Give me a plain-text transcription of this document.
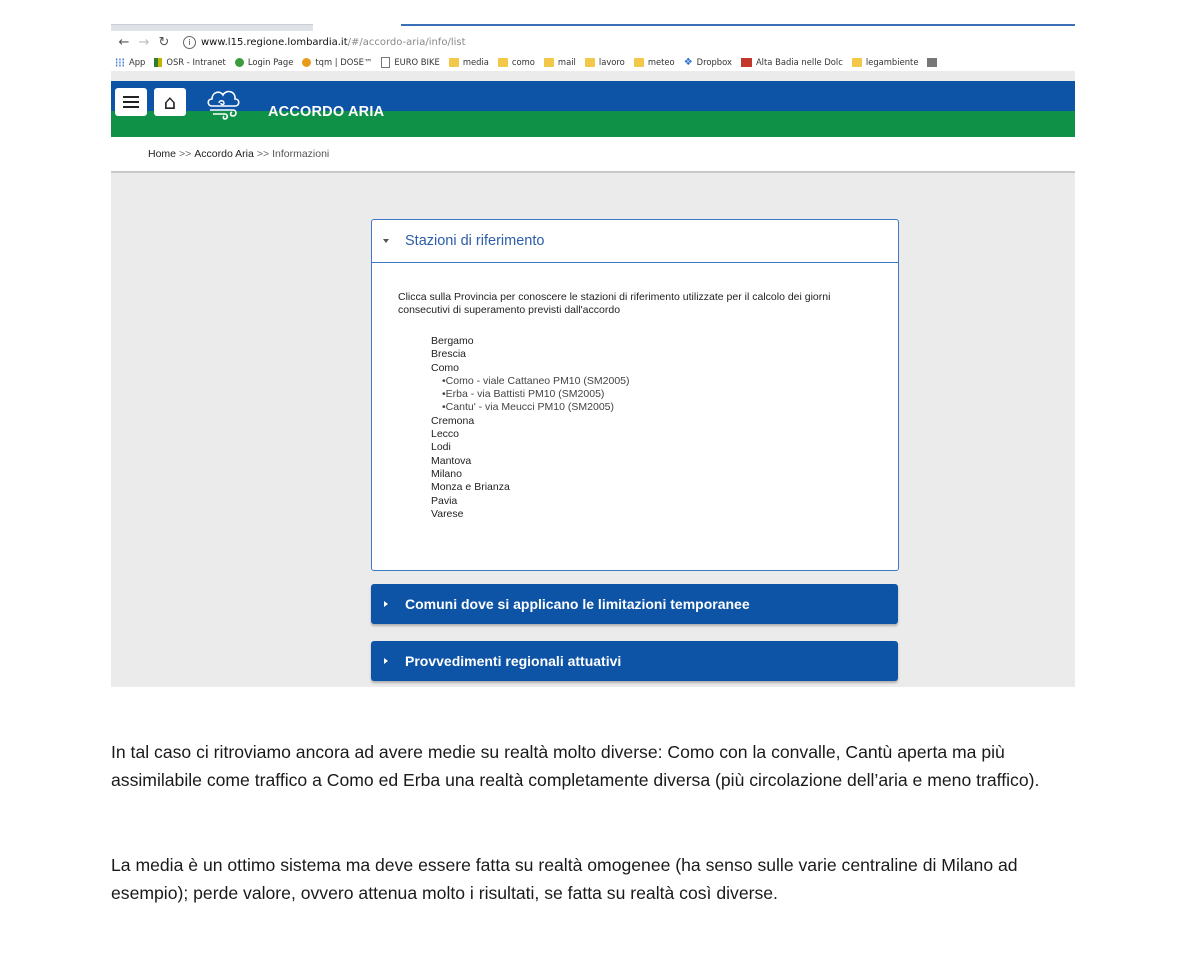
← → ↻	i	www.l15.regione.lombardia.it /#/accordo-aria/info/list
App	OSR - Intranet	Login Page	tqm | DOSE™	EURO BIKE	media	como	mail	lavoro	meteo ❖ Dropbox	Alta Badia nelle Dolc	legambiente
⌂	ACCORDO ARIA
Home >> Accordo Aria >> Informazioni
Stazioni di riferimento

Clicca sulla Provincia per conoscere le stazioni di riferimento utilizzate per il calcolo dei giorni consecutivi di superamento previsti dall'accordo

Bergamo
Brescia
Como
•Como - viale Cattaneo PM10 (SM2005)
•Erba - via Battisti PM10 (SM2005)
•Cantu' - via Meucci PM10 (SM2005)
Cremona
Lecco
Lodi
Mantova
Milano
Monza e Brianza
Pavia
Varese
Comuni dove si applicano le limitazioni temporanee
Provvedimenti regionali attuativi

In tal caso ci ritroviamo ancora ad avere medie su realtà molto diverse: Como con la convalle, Cantù aperta ma più assimilabile come traffico a Como ed Erba una realtà completamente diversa (più circolazione dell’aria e meno traffico).

La media è un ottimo sistema ma deve essere fatta su realtà omogenee (ha senso sulle varie centraline di Milano ad esempio); perde valore, ovvero attenua molto i risultati, se fatta su realtà così diverse.
